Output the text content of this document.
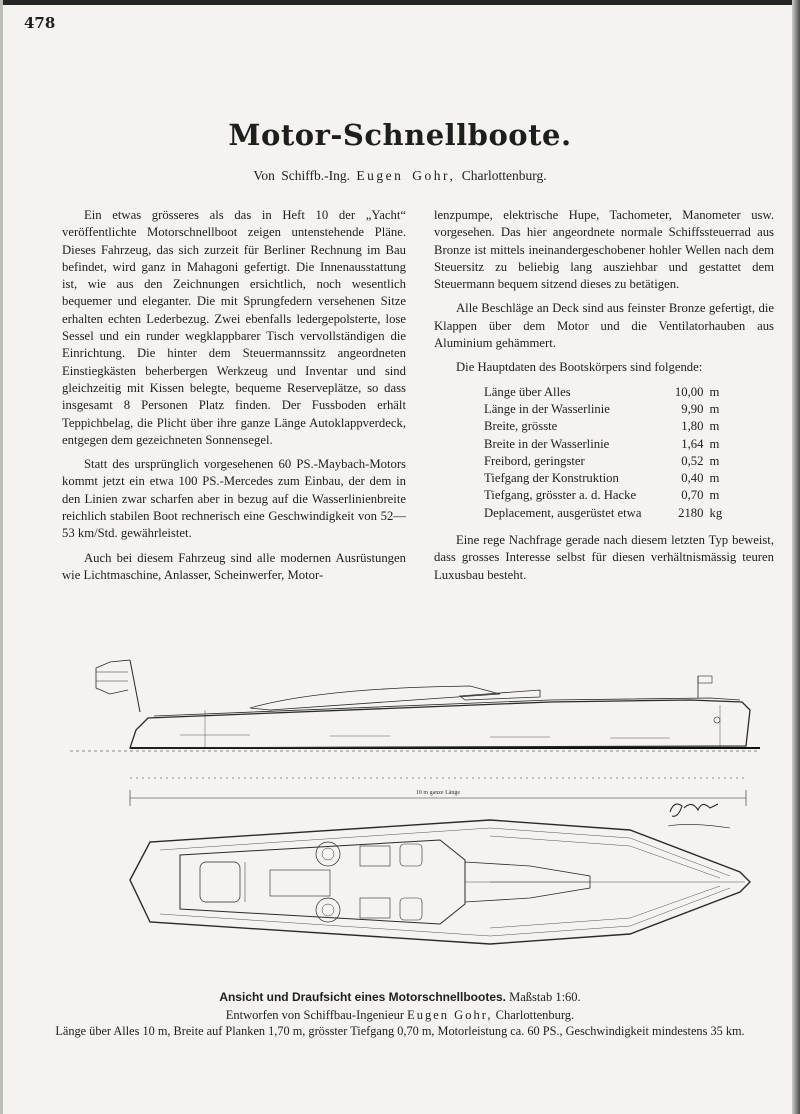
478
Motor-Schnellboote.
Von Schiffb.-Ing. Eugen Gohr, Charlottenburg.

Ein etwas grösseres als das in Heft 10 der „Yacht“ veröffentlichte Motorschnellboot zeigen untenstehende Pläne. Dieses Fahrzeug, das sich zurzeit für Berliner Rechnung im Bau befindet, wird ganz in Mahagoni gefertigt. Die Innenausstattung ist, wie aus den Zeichnungen ersichtlich, noch wesentlich bequemer und eleganter. Die mit Sprungfedern versehenen Sitze erhalten echten Lederbezug. Zwei ebenfalls ledergepolsterte, lose Sessel und ein runder wegklappbarer Tisch vervollständigen die Einrichtung. Die hinter dem Steuermannssitz angeordneten Einstiegkästen beherbergen Werkzeug und Inventar und sind gleichzeitig mit Kissen belegte, bequeme Reserveplätze, so dass insgesamt 8 Personen Platz finden. Der Fussboden erhält Teppichbelag, die Plicht über ihre ganze Länge Autoklappverdeck, entgegen dem gezeichneten Sonnensegel.

Statt des ursprünglich vorgesehenen 60 PS.-Maybach-Motors kommt jetzt ein etwa 100 PS.-Mercedes zum Einbau, der dem in den Linien zwar scharfen aber in bezug auf die Wasserlinienbreite reichlich stabilen Boot rechnerisch eine Geschwindigkeit von 52—53 km/Std. gewährleistet.

Auch bei diesem Fahrzeug sind alle modernen Ausrüstungen wie Lichtmaschine, Anlasser, Scheinwerfer, Motor-

lenzpumpe, elektrische Hupe, Tachometer, Manometer usw. vorgesehen. Das hier angeordnete normale Schiffssteuerrad aus Bronze ist mittels ineinandergeschobener hohler Wellen nach dem Steuersitz zu beliebig lang ausziehbar und gestattet dem Steuermann bequem sitzend dieses zu betätigen.

Alle Beschläge an Deck sind aus feinster Bronze gefertigt, die Klappen über dem Motor und die Ventilatorhauben aus Aluminium gehämmert.

Die Hauptdaten des Bootskörpers sind folgende:

Länge über Alles	10,00	m
Länge in der Wasserlinie	9,90	m
Breite, grösste	1,80	m
Breite in der Wasserlinie	1,64	m
Freibord, geringster	0,52	m
Tiefgang der Konstruktion	0,40	m
Tiefgang, grösster a. d. Hacke	0,70	m
Deplacement, ausgerüstet etwa	2180	kg

Eine rege Nachfrage gerade nach diesem letzten Typ beweist, dass grosses Interesse selbst für diesen verhältnismässig teuren Luxusbau besteht.

10 m ganze Länge
Ansicht und Draufsicht eines Motorschnellbootes. Maßstab 1:60.
Entworfen von Schiffbau-Ingenieur Eugen Gohr, Charlottenburg.
Länge über Alles 10 m, Breite auf Planken 1,70 m, grösster Tiefgang 0,70 m, Motorleistung ca. 60 PS., Geschwindigkeit mindestens 35 km.
